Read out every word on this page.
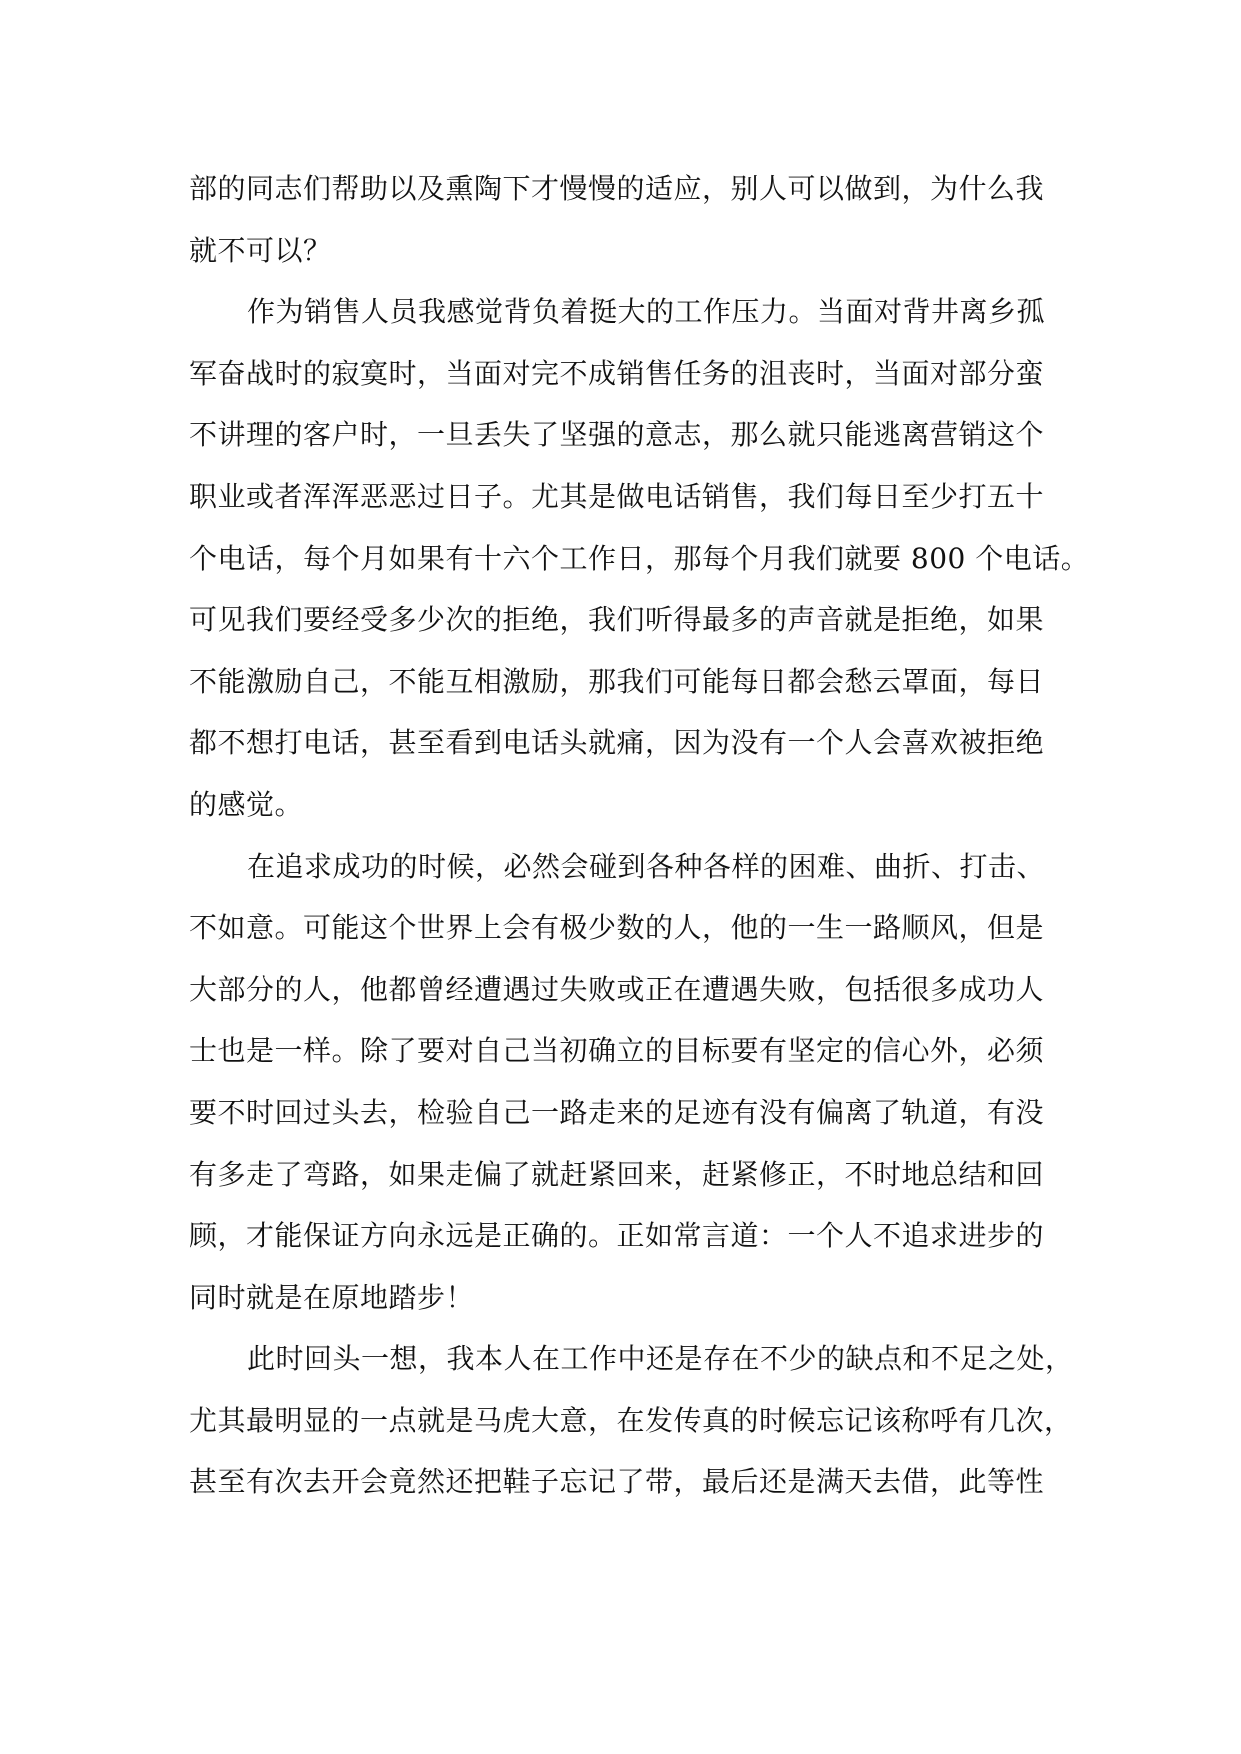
部的同志们帮助以及熏陶下才慢慢的适应，别人可以做到，为什么我
就不可以？
作为销售人员我感觉背负着挺大的工作压力。当面对背井离乡孤
军奋战时的寂寞时，当面对完不成销售任务的沮丧时，当面对部分蛮
不讲理的客户时，一旦丢失了坚强的意志，那么就只能逃离营销这个
职业或者浑浑恶恶过日子。尤其是做电话销售，我们每日至少打五十
个电话，每个月如果有十六个工作日，那每个月我们就要 800 个电话。
可见我们要经受多少次的拒绝，我们听得最多的声音就是拒绝，如果
不能激励自己，不能互相激励，那我们可能每日都会愁云罩面，每日
都不想打电话，甚至看到电话头就痛，因为没有一个人会喜欢被拒绝
的感觉。
在追求成功的时候，必然会碰到各种各样的困难、曲折、打击、
不如意。可能这个世界上会有极少数的人，他的一生一路顺风，但是
大部分的人，他都曾经遭遇过失败或正在遭遇失败，包括很多成功人
士也是一样。除了要对自己当初确立的目标要有坚定的信心外，必须
要不时回过头去，检验自己一路走来的足迹有没有偏离了轨道，有没
有多走了弯路，如果走偏了就赶紧回来，赶紧修正，不时地总结和回
顾，才能保证方向永远是正确的。正如常言道：一个人不追求进步的
同时就是在原地踏步！
此时回头一想，我本人在工作中还是存在不少的缺点和不足之处，
尤其最明显的一点就是马虎大意，在发传真的时候忘记该称呼有几次，
甚至有次去开会竟然还把鞋子忘记了带，最后还是满天去借，此等性
